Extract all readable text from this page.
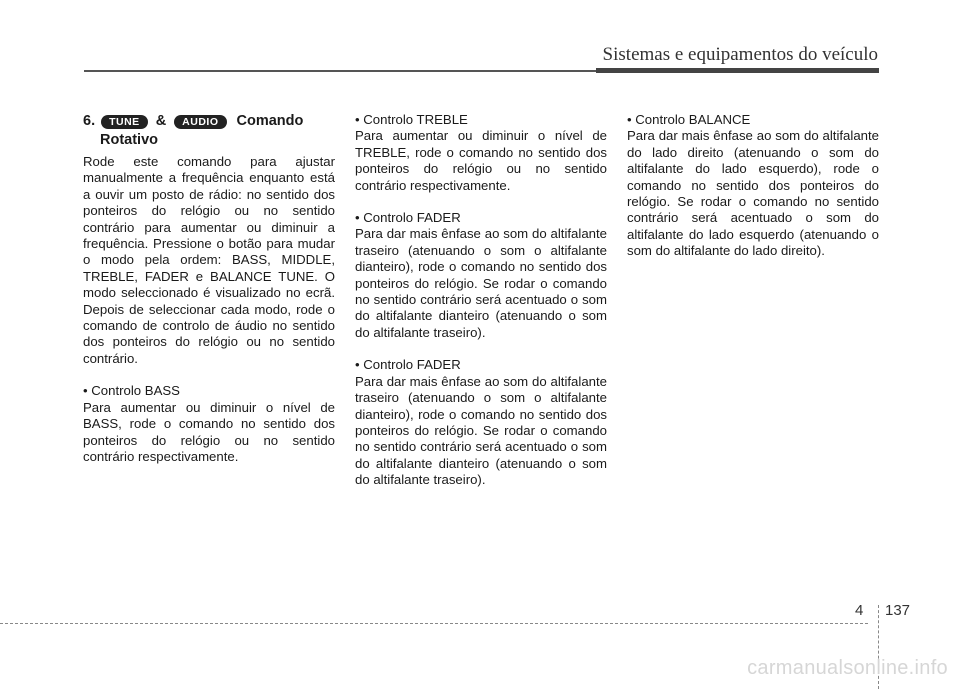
Sistemas e equipamentos do veículo
6.	TUNE	&	AUDIO	Comando
Rotativo

Rode este comando para ajustar manualmente a frequência enquanto está a ouvir um posto de rádio: no sentido dos ponteiros do relógio ou no sentido contrário para aumentar ou diminuir a frequência. Pressione o botão para mudar o modo pela ordem: BASS, MIDDLE, TREBLE, FADER e BALANCE TUNE. O modo seleccionado é visualizado no ecrã. Depois de seleccionar cada modo, rode o comando de controlo de áudio no sentido dos ponteiros do relógio ou no sentido contrário.

• Controlo BASS

Para aumentar ou diminuir o nível de BASS, rode o comando no sentido dos ponteiros do relógio ou no sentido contrário respectivamente.

• Controlo TREBLE

Para aumentar ou diminuir o nível de TREBLE, rode o comando no sentido dos ponteiros do relógio ou no sentido contrário respectivamente.

• Controlo FADER

Para dar mais ênfase ao som do altifalante traseiro (atenuando o som o altifalante dianteiro), rode o comando no sentido dos ponteiros do relógio. Se rodar o comando no sentido contrário será acentuado o som do altifalante dianteiro (atenuando o som do altifalante traseiro).

• Controlo FADER

Para dar mais ênfase ao som do altifalante traseiro (atenuando o som o altifalante dianteiro), rode o comando no sentido dos ponteiros do relógio. Se rodar o comando no sentido contrário será acentuado o som do altifalante dianteiro (atenuando o som do altifalante traseiro).

• Controlo BALANCE

Para dar mais ênfase ao som do altifalante do lado direito (atenuando o som do altifalante do lado esquerdo), rode o comando no sentido dos ponteiros do relógio. Se rodar o comando no sentido contrário será acentuado o som do altifalante do lado esquerdo (atenuando o som do altifalante do lado direito).

4 137
carmanualsonline.info
